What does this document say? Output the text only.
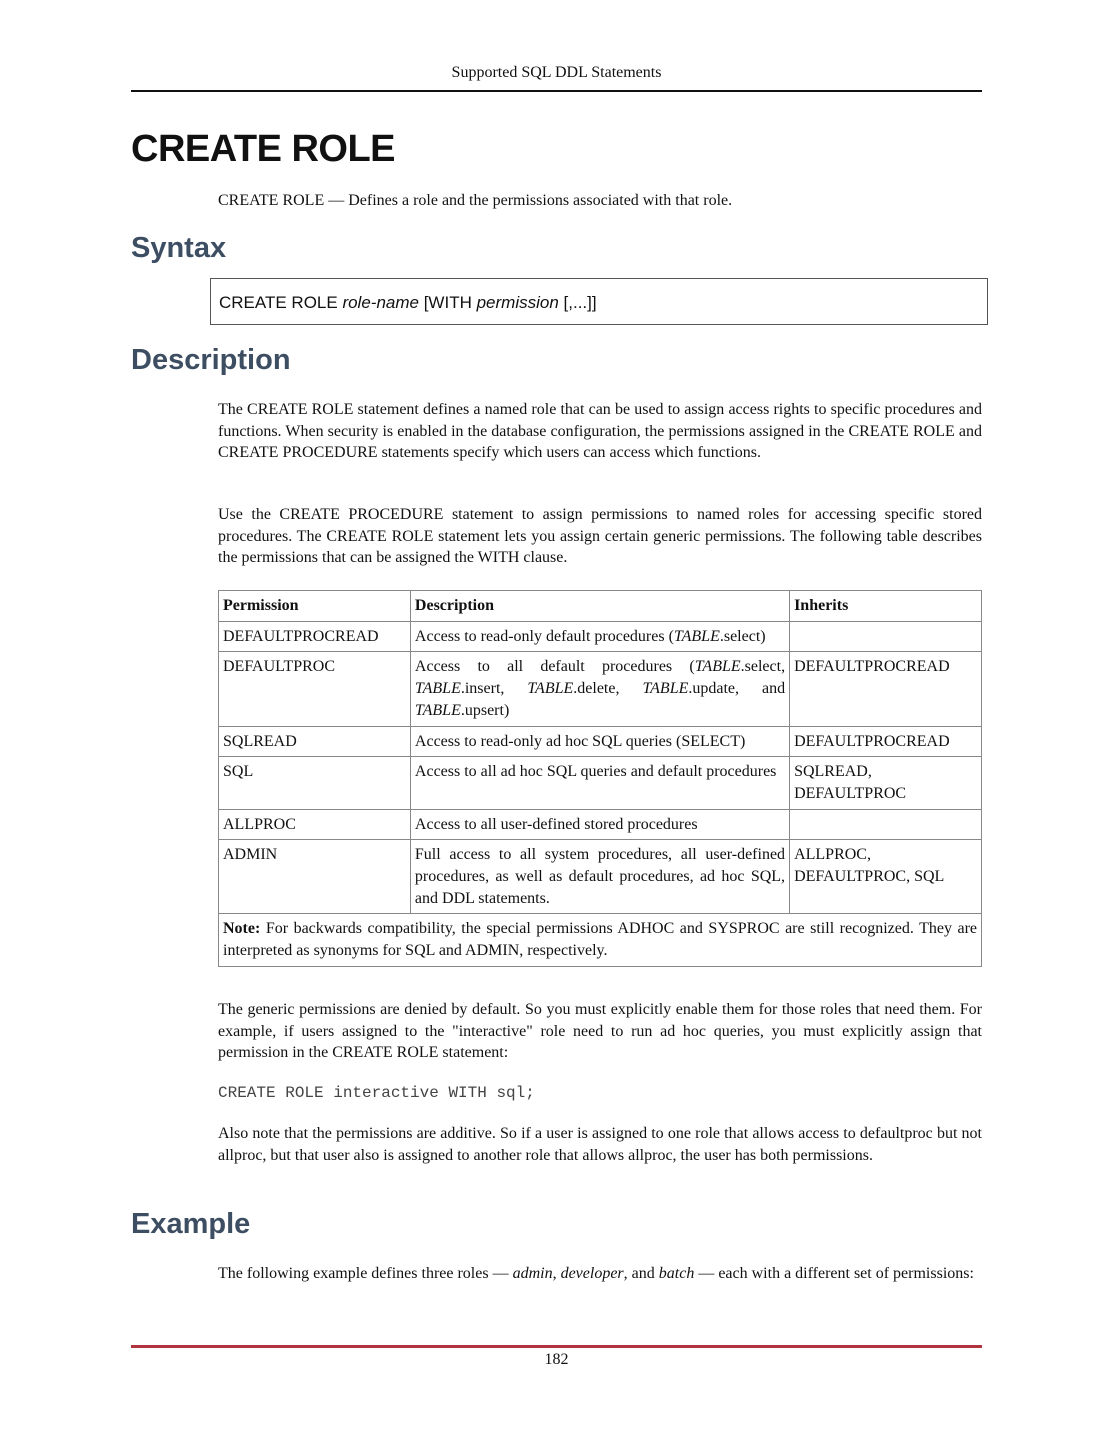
Supported SQL DDL Statements
CREATE ROLE
CREATE ROLE — Defines a role and the permissions associated with that role.
Syntax
CREATE ROLE role-name [WITH permission [,...]]
Description
The CREATE ROLE statement defines a named role that can be used to assign access rights to specific procedures and functions. When security is enabled in the database configuration, the permissions assigned in the CREATE ROLE and CREATE PROCEDURE statements specify which users can access which functions.
Use the CREATE PROCEDURE statement to assign permissions to named roles for accessing specific stored procedures. The CREATE ROLE statement lets you assign certain generic permissions. The following table describes the permissions that can be assigned the WITH clause.
Permission	Description	Inherits
DEFAULTPROCREAD	Access to read-only default procedures (TABLE.select)	
DEFAULTPROC	Access to all default procedures (TABLE.select, TABLE.insert, TABLE.delete, TABLE.update, and TABLE.upsert)	DEFAULTPROCREAD
SQLREAD	Access to read-only ad hoc SQL queries (SELECT)	DEFAULTPROCREAD
SQL	Access to all ad hoc SQL queries and default procedures	SQLREAD, DEFAULTPROC
ALLPROC	Access to all user-defined stored procedures	
ADMIN	Full access to all system procedures, all user-defined procedures, as well as default procedures, ad hoc SQL, and DDL statements.	ALLPROC, DEFAULTPROC, SQL
Note: For backwards compatibility, the special permissions ADHOC and SYSPROC are still recognized. They are interpreted as synonyms for SQL and ADMIN, respectively.		
The generic permissions are denied by default. So you must explicitly enable them for those roles that need them. For example, if users assigned to the "interactive" role need to run ad hoc queries, you must explicitly assign that permission in the CREATE ROLE statement:
CREATE ROLE interactive WITH sql;
Also note that the permissions are additive. So if a user is assigned to one role that allows access to defaultproc but not allproc, but that user also is assigned to another role that allows allproc, the user has both permissions.
Example
The following example defines three roles — admin, developer, and batch — each with a different set of permissions:
182
